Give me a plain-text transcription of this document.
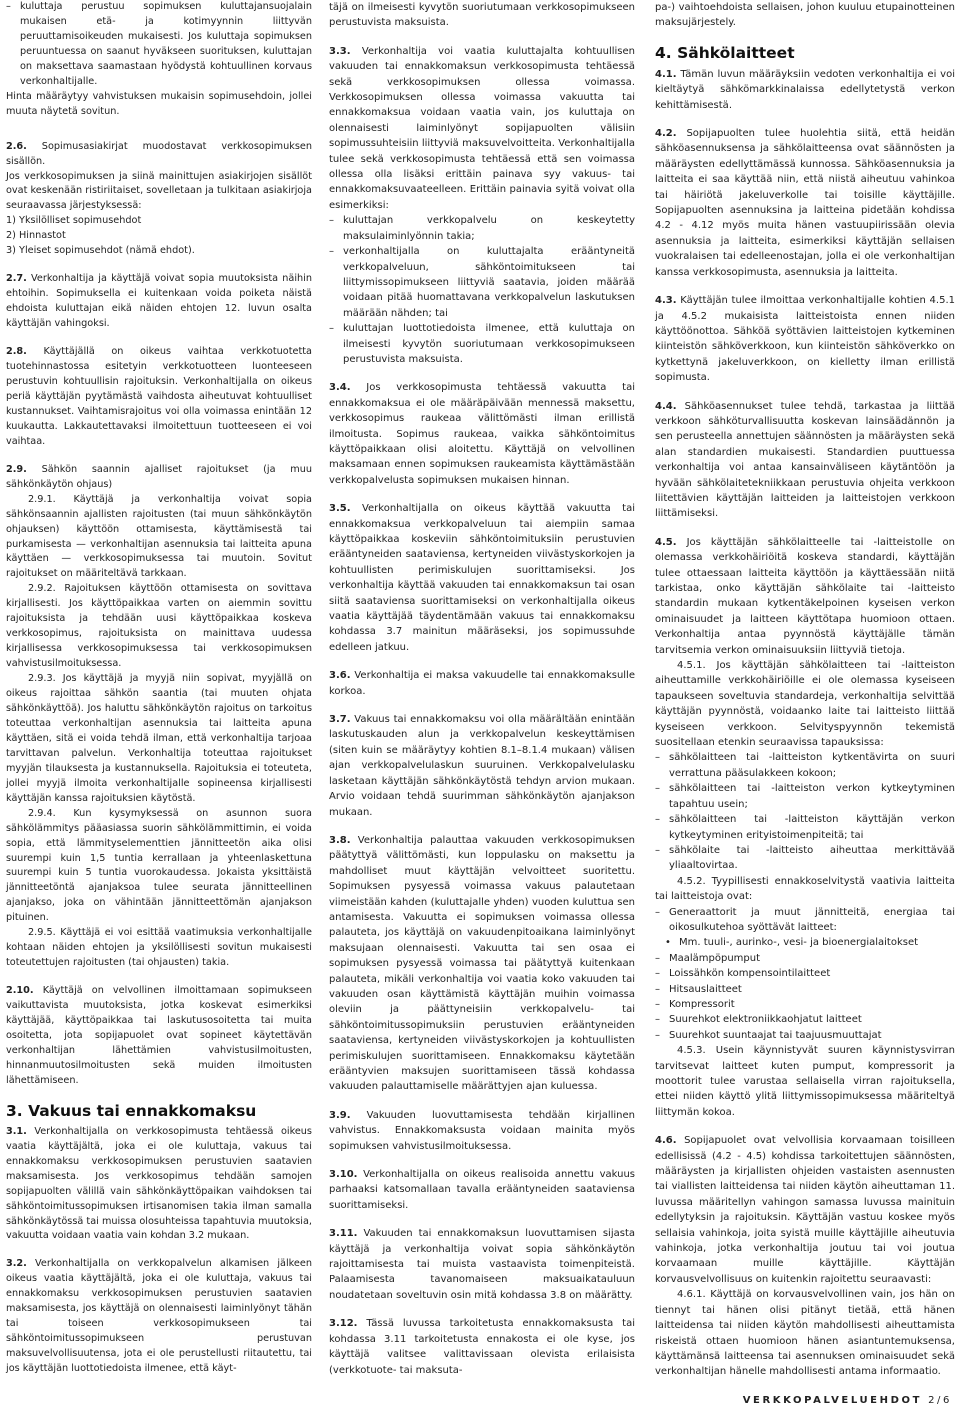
– kuluttaja perustuu sopimuksen kuluttajansuojalain mukaisen etä- ja kotimyynnin liittyvän peruuttamisoikeuden mukaisesti. Jos kuluttaja sopimuksen peruuntuessa on saanut hyväkseen suorituksen, kuluttajan on maksettava saamastaan hyödystä kohtuullinen korvaus verkonhaltijalle.

Hinta määräytyy vahvistuksen mukaisin sopimusehdoin, jollei muuta näytetä sovitun.

2.6. Sopimusasiakirjat muodostavat verkkosopimuksen sisällön.

Jos verkkosopimuksen ja siinä mainittujen asiakirjojen sisällöt ovat keskenään ristiriitaiset, sovelletaan ja tulkitaan asiakirjoja seuraavassa järjestyksessä:

1) Yksilölliset sopimusehdot

2) Hinnastot

3) Yleiset sopimusehdot (nämä ehdot).

2.7. Verkonhaltija ja käyttäjä voivat sopia muutoksista näihin ehtoihin. Sopimuksella ei kuitenkaan voida poiketa näistä ehdoista kuluttajan eikä näiden ehtojen 12. luvun osalta käyttäjän vahingoksi.

2.8. Käyttäjällä on oikeus vaihtaa verkkotuotetta tuotehinnastossa esitetyin verkkotuotteen luonteeseen perustuvin kohtuullisin rajoituksin. Verkonhaltijalla on oikeus periä käyttäjän pyytämästä vaihdosta aiheutuvat kohtuulliset kustannukset. Vaihtamisrajoitus voi olla voimassa enintään 12 kuukautta. Lakkautettavaksi ilmoitettuun tuotteeseen ei voi vaihtaa.

2.9. Sähkön saannin ajalliset rajoitukset (ja muu sähkönkäytön ohjaus)

2.9.1. Käyttäjä ja verkonhaltija voivat sopia sähkönsaannin ajallisten rajoitusten (tai muun sähkönkäytön ohjauksen) käyttöön ottamisesta, käyttämisestä tai purkamisesta — verkonhaltijan asennuksia tai laitteita apuna käyttäen — verkkosopimuksessa tai muutoin. Sovitut rajoitukset on määriteltävä tarkkaan.

2.9.2. Rajoituksen käyttöön ottamisesta on sovittava kirjallisesti. Jos käyttöpaikkaa varten on aiemmin sovittu rajoituksista ja tehdään uusi käyttöpaikkaa koskeva verkkosopimus, rajoituksista on mainittava uudessa kirjallisessa verkkosopimuksessa tai verkkosopimuksen vahvistusilmoituksessa.

2.9.3. Jos käyttäjä ja myyjä niin sopivat, myyjällä on oikeus rajoittaa sähkön saantia (tai muuten ohjata sähkönkäyttöä). Jos haluttu sähkönkäytön rajoitus on tarkoitus toteuttaa verkonhaltijan asennuksia tai laitteita apuna käyttäen, sitä ei voida tehdä ilman, että verkonhaltija tarjoaa tarvittavan palvelun. Verkonhaltija toteuttaa rajoitukset myyjän tilauksesta ja kustannuksella. Rajoituksia ei toteuteta, jollei myyjä ilmoita verkonhaltijalle sopineensa kirjallisesti käyttäjän kanssa rajoituksien käytöstä.

2.9.4. Kun kysymyksessä on asunnon suora sähkölämmitys pääasiassa suorin sähkölämmittimin, ei voida sopia, että lämmityselementtien jännitteetön aika olisi suurempi kuin 1,5 tuntia kerrallaan ja yhteenlaskettuna suurempi kuin 5 tuntia vuorokaudessa. Jokaista yksittäistä jännitteetöntä ajanjaksoa tulee seurata jännitteellinen ajanjakso, joka on vähintään jännitteettömän ajanjakson pituinen.

2.9.5. Käyttäjä ei voi esittää vaatimuksia verkonhaltijalle kohtaan näiden ehtojen ja yksilöllisesti sovitun mukaisesti toteutettujen rajoitusten (tai ohjausten) takia.

2.10. Käyttäjä on velvollinen ilmoittamaan sopimukseen vaikuttavista muutoksista, jotka koskevat esimerkiksi käyttäjää, käyttöpaikkaa tai laskutusosoitetta tai muita osoitetta, jota sopijapuolet ovat sopineet käytettävän verkonhaltijan lähettämien vahvistusilmoitusten, hinnanmuutosilmoitusten sekä muiden ilmoitusten lähettämiseen.

3. Vakuus tai ennakkomaksu

3.1. Verkonhaltijalla on verkkosopimusta tehtäessä oikeus vaatia käyttäjältä, joka ei ole kuluttaja, vakuus tai ennakkomaksu verkkosopimuksen perustuvien saatavien maksamisesta. Jos verkkosopimus tehdään samojen sopijapuolten välillä vain sähkönkäyttöpaikan vaihdoksen tai sähköntoimitussopimuksen irtisanomisen takia ilman samalla sähkönkäytössä tai muissa olosuhteissa tapahtuvia muutoksia, vakuutta voidaan vaatia vain kohdan 3.2 mukaan.

3.2. Verkonhaltijalla on verkkopalvelun alkamisen jälkeen oikeus vaatia käyttäjältä, joka ei ole kuluttaja, vakuus tai ennakkomaksu verkkosopimuksen perustuvien saatavien maksamisesta, jos käyttäjä on olennaisesti laiminlyönyt tähän tai toiseen verkkosopimukseen tai sähköntoimitussopimukseen perustuvan maksuvelvollisuutensa, jota ei ole perustellusti riitautettu, tai jos käyttäjän luottotiedoista ilmenee, että käyt-

täjä on ilmeisesti kyvytön suoriutumaan verkkosopimukseen perustuvista maksuista.

3.3. Verkonhaltija voi vaatia kuluttajalta kohtuullisen vakuuden tai ennakkomaksun verkkosopimusta tehtäessä sekä verkkosopimuksen ollessa voimassa. Verkkosopimuksen ollessa voimassa vakuutta tai ennakkomaksua voidaan vaatia vain, jos kuluttaja on olennaisesti laiminlyönyt sopijapuolten välisiin sopimussuhteisiin liittyviä maksuvelvoitteita. Verkonhaltijalla tulee sekä verkkosopimusta tehtäessä että sen voimassa ollessa olla lisäksi erittäin painava syy vakuus- tai ennakkomaksuvaateelleen. Erittäin painavia syitä voivat olla esimerkiksi:

– kuluttajan verkkopalvelu on keskeytetty maksulaiminlyönnin takia;

– verkonhaltijalla on kuluttajalta erääntyneitä verkkopalveluun, sähköntoimitukseen tai liittymissopimukseen liittyviä saatavia, joiden määrää voidaan pitää huomattavana verkkopalvelun laskutuksen määrään nähden; tai

– kuluttajan luottotiedoista ilmenee, että kuluttaja on ilmeisesti kyvytön suoriutumaan verkkosopimukseen perustuvista maksuista.

3.4. Jos verkkosopimusta tehtäessä vakuutta tai ennakkomaksua ei ole määräpäivään mennessä maksettu, verkkosopimus raukeaa välittömästi ilman erillistä ilmoitusta. Sopimus raukeaa, vaikka sähköntoimitus käyttöpaikkaan olisi aloitettu. Käyttäjä on velvollinen maksamaan ennen sopimuksen raukeamista käyttämästään verkkopalvelusta sopimuksen mukaisen hinnan.

3.5. Verkonhaltijalla on oikeus käyttää vakuutta tai ennakkomaksua verkkopalveluun tai aiempiin samaa käyttöpaikkaa koskeviin sähköntoimituksiin perustuvien erääntyneiden saataviensa, kertyneiden viivästyskorkojen ja kohtuullisten perimiskulujen suorittamiseksi. Jos verkonhaltija käyttää vakuuden tai ennakkomaksun tai osan siitä saataviensa suorittamiseksi on verkonhaltijalla oikeus vaatia käyttäjää täydentämään vakuus tai ennakkomaksu kohdassa 3.7 mainitun määräseksi, jos sopimussuhde edelleen jatkuu.

3.6. Verkonhaltija ei maksa vakuudelle tai ennakkomaksulle korkoa.

3.7. Vakuus tai ennakkomaksu voi olla määrältään enintään laskutuskauden alun ja verkkopalvelun keskeyttämisen (siten kuin se määräytyy kohtien 8.1–8.1.4 mukaan) välisen ajan verkkopalvelulaskun suuruinen. Verkkopalvelulasku lasketaan käyttäjän sähkönkäytöstä tehdyn arvion mukaan. Arvio voidaan tehdä suurimman sähkönkäytön ajanjakson mukaan.

3.8. Verkonhaltija palauttaa vakuuden verkkosopimuksen päätyttyä välittömästi, kun loppulasku on maksettu ja mahdolliset muut käyttäjän velvoitteet suoritettu. Sopimuksen pysyessä voimassa vakuus palautetaan viimeistään kahden (kuluttajalle yhden) vuoden kuluttua sen antamisesta. Vakuutta ei sopimuksen voimassa ollessa palauteta, jos käyttäjä on vakuudenpitoaikana laiminlyönyt maksujaan olennaisesti. Vakuutta tai sen osaa ei sopimuksen pysyessä voimassa tai päätyttyä kuitenkaan palauteta, mikäli verkonhaltija voi vaatia koko vakuuden tai vakuuden osan käyttämistä käyttäjän muihin voimassa oleviin ja päättyneisiin verkkopalvelu- tai sähköntoimitussopimuksiin perustuvien erääntyneiden saataviensa, kertyneiden viivästyskorkojen ja kohtuullisten perimiskulujen suorittamiseen. Ennakkomaksu käytetään erääntyvien maksujen suorittamiseen tässä kohdassa vakuuden palauttamiselle määrättyjen ajan kuluessa.

3.9. Vakuuden luovuttamisesta tehdään kirjallinen vahvistus. Ennakkomaksusta voidaan mainita myös sopimuksen vahvistusilmoituksessa.

3.10. Verkonhaltijalla on oikeus realisoida annettu vakuus parhaaksi katsomallaan tavalla erääntyneiden saataviensa suorittamiseksi.

3.11. Vakuuden tai ennakkomaksun luovuttamisen sijasta käyttäjä ja verkonhaltija voivat sopia sähkönkäytön rajoittamisesta tai muista vastaavista toimenpiteistä. Palaamisesta tavanomaiseen maksuaikatauluun noudatetaan soveltuvin osin mitä kohdassa 3.8 on määrätty.

3.12. Tässä luvussa tarkoitetusta ennakkomaksusta tai kohdassa 3.11 tarkoitetusta ennakosta ei ole kyse, jos käyttäjä valitsee valittavissaan olevista erilaisista (verkkotuote- tai maksuta-

pa-) vaihtoehdoista sellaisen, johon kuuluu etupainotteinen maksujärjestely.

4. Sähkölaitteet

4.1. Tämän luvun määräyksiin vedoten verkonhaltija ei voi kieltäytyä sähkömarkkinalaissa edellytetystä verkon kehittämisestä.

4.2. Sopijapuolten tulee huolehtia siitä, että heidän sähköasennuksensa ja sähkölaitteensa ovat säännösten ja määräysten edellyttämässä kunnossa. Sähköasennuksia ja laitteita ei saa käyttää niin, että niistä aiheutuu vahinkoa tai häiriötä jakeluverkolle tai toisille käyttäjille. Sopijapuolten asennuksina ja laitteina pidetään kohdissa 4.2 - 4.12 myös muita hänen vastuupiirissään olevia asennuksia ja laitteita, esimerkiksi käyttäjän sellaisen vuokralaisen tai edelleenostajan, jolla ei ole verkonhaltijan kanssa verkkosopimusta, asennuksia ja laitteita.

4.3. Käyttäjän tulee ilmoittaa verkonhaltijalle kohtien 4.5.1 ja 4.5.2 mukaisista laitteistoista ennen niiden käyttöönottoa. Sähköä syöttävien laitteistojen kytkeminen kiinteistön sähköverkkoon, kun kiinteistön sähköverkko on kytkettynä jakeluverkkoon, on kielletty ilman erillistä sopimusta.

4.4. Sähköasennukset tulee tehdä, tarkastaa ja liittää verkkoon sähköturvallisuutta koskevan lainsäädännön ja sen perusteella annettujen säännösten ja määräysten sekä alan standardien mukaisesti. Standardien puuttuessa verkonhaltija voi antaa kansainväliseen käytäntöön ja hyvään sähkölaitetekniikkaan perustuvia ohjeita verkkoon liitettävien käyttäjän laitteiden ja laitteistojen verkkoon liittämiseksi.

4.5. Jos käyttäjän sähkölaitteelle tai -laitteistolle on olemassa verkkohäiriöitä koskeva standardi, käyttäjän tulee ottaessaan laitteita käyttöön ja käyttäessään niitä tarkistaa, onko käyttäjän sähkölaite tai -laitteisto standardin mukaan kytkentäkelpoinen kyseisen verkon ominaisuudet ja laitteen käyttötapa huomioon ottaen. Verkonhaltija antaa pyynnöstä käyttäjälle tämän tarvitsemia verkon ominaisuuksiin liittyviä tietoja.

4.5.1. Jos käyttäjän sähkölaitteen tai -laitteiston aiheuttamille verkkohäiriöille ei ole olemassa kyseiseen tapaukseen soveltuvia standardeja, verkonhaltija selvittää käyttäjän pyynnöstä, voidaanko laite tai laitteisto liittää kyseiseen verkkoon. Selvityspyynnön tekemistä suositellaan etenkin seuraavissa tapauksissa:

– sähkölaitteen tai -laitteiston kytkentävirta on suuri verrattuna pääsulakkeen kokoon;

– sähkölaitteen tai -laitteiston verkon kytkeytyminen tapahtuu usein;

– sähkölaitteen tai -laitteiston käyttäjän verkon kytkeytyminen erityistoimenpiteitä; tai

– sähkölaite tai -laitteisto aiheuttaa merkittävää yliaaltovirtaa.

4.5.2. Tyypillisesti ennakkoselvitystä vaativia laitteita tai laitteistoja ovat:

– Generaattorit ja muut jännitteitä, energiaa tai oikosulkutehoa syöttävät laitteet:

• Mm. tuuli-, aurinko-, vesi- ja bioenergialaitokset

– Maalämpöpumput

– Loissähkön kompensointilaitteet

– Hitsauslaitteet

– Kompressorit

– Suurehkot elektroniikkaohjatut laitteet

– Suurehkot suuntaajat tai taajuusmuuttajat

4.5.3. Usein käynnistyvät suuren käynnistysvirran tarvitsevat laitteet kuten pumput, kompressorit ja moottorit tulee varustaa sellaisella virran rajoituksella, ettei niiden käyttö ylitä liittymissopimuksessa määriteltyä liittymän kokoa.

4.6. Sopijapuolet ovat velvollisia korvaamaan toisilleen edellisissä (4.2 - 4.5) kohdissa tarkoitettujen säännösten, määräysten ja kirjallisten ohjeiden vastaisten asennusten tai viallisten laitteidensa tai niiden käytön aiheuttaman 11. luvussa määritellyn vahingon samassa luvussa mainituin edellytyksin ja rajoituksin. Käyttäjän vastuu koskee myös sellaisia vahinkoja, joita syistä muille käyttäjille aiheutuvia vahinkoja, jotka verkonhaltija joutuu tai voi joutua korvaamaan muille käyttäjille. Käyttäjän korvausvelvollisuus on kuitenkin rajoitettu seuraavasti:

4.6.1. Käyttäjä on korvausvelvollinen vain, jos hän on tiennyt tai hänen olisi pitänyt tietää, että hänen laitteidensa tai niiden käytön mahdollisesti aiheuttamista riskeistä ottaen huomioon hänen asiantuntemuksensa, käyttämänsä laitteensa tai asennuksen ominaisuudet sekä verkonhaltijan hänelle mahdollisesti antama informaatio.

VERKKOPALVELUEHDOT 2/6
